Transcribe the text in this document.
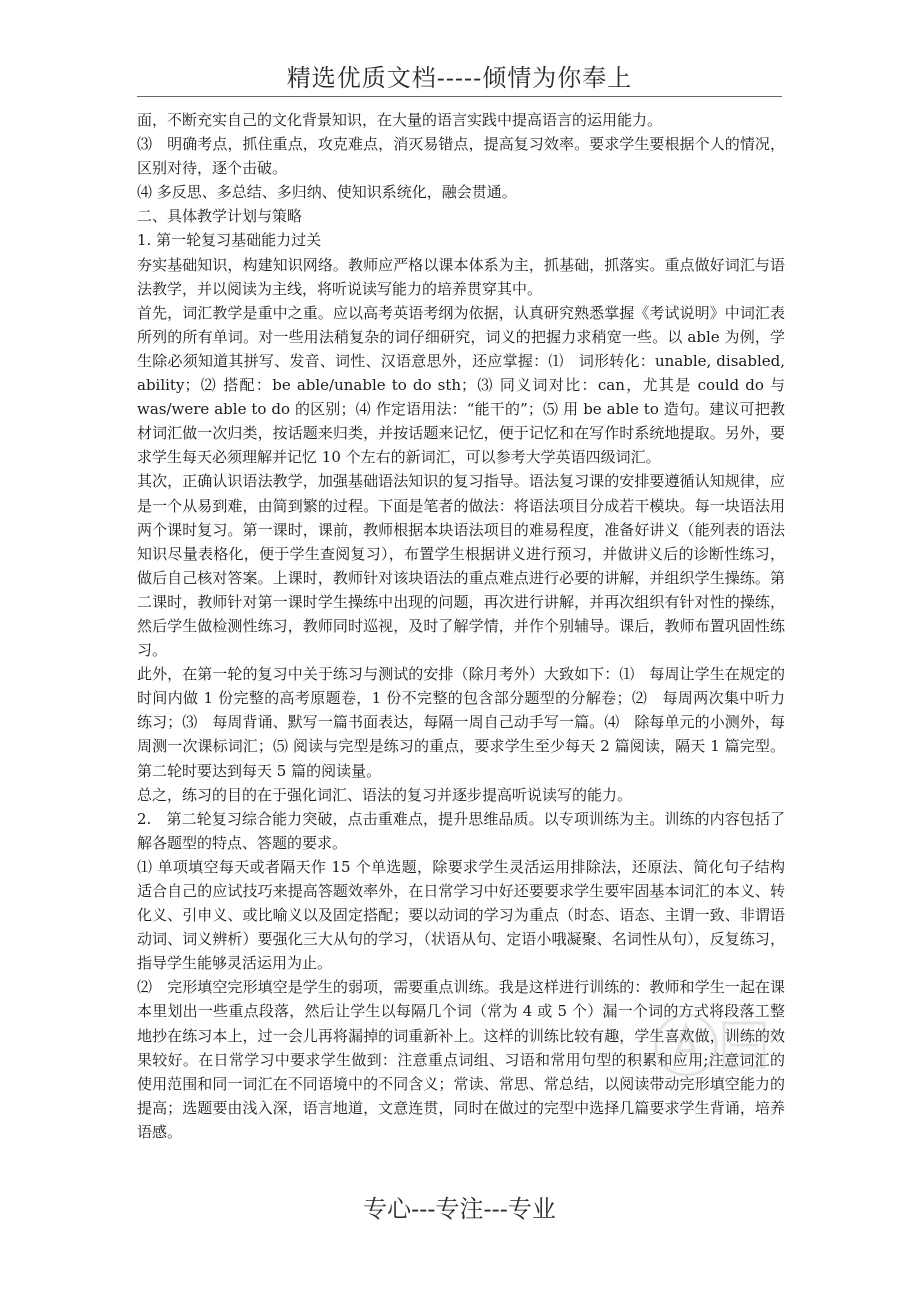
精选优质文档-----倾情为你奉上

面，不断充实自己的文化背景知识，在大量的语言实践中提高语言的运用能力。

⑶　明确考点，抓住重点，攻克难点，消灭易错点，提高复习效率。要求学生要根据个人的情况，区别对待，逐个击破。

⑷ 多反思、多总结、多归纳、使知识系统化，融会贯通。

二、具体教学计划与策略

1. 第一轮复习基础能力过关

夯实基础知识，构建知识网络。教师应严格以课本体系为主，抓基础，抓落实。重点做好词汇与语法教学，并以阅读为主线，将听说读写能力的培养贯穿其中。

首先，词汇教学是重中之重。应以高考英语考纲为依据，认真研究熟悉掌握《考试说明》中词汇表所列的所有单词。对一些用法稍复杂的词仔细研究，词义的把握力求稍宽一些。以 able 为例，学生除必须知道其拼写、发音、词性、汉语意思外，还应掌握：⑴　词形转化：unable, disabled, ability；⑵ 搭配：be able/unable to do sth；⑶ 同义词对比：can，尤其是 could do 与 was/were able to do 的区别；⑷ 作定语用法：“能干的”；⑸ 用 be able to 造句。建议可把教材词汇做一次归类，按话题来归类，并按话题来记忆，便于记忆和在写作时系统地提取。另外，要求学生每天必须理解并记忆 10 个左右的新词汇，可以参考大学英语四级词汇。

其次，正确认识语法教学，加强基础语法知识的复习指导。语法复习课的安排要遵循认知规律，应是一个从易到难，由简到繁的过程。下面是笔者的做法：将语法项目分成若干模块。每一块语法用两个课时复习。第一课时，课前，教师根据本块语法项目的难易程度，准备好讲义（能列表的语法知识尽量表格化，便于学生查阅复习），布置学生根据讲义进行预习，并做讲义后的诊断性练习，做后自己核对答案。上课时，教师针对该块语法的重点难点进行必要的讲解，并组织学生操练。第二课时，教师针对第一课时学生操练中出现的问题，再次进行讲解，并再次组织有针对性的操练，然后学生做检测性练习，教师同时巡视，及时了解学情，并作个别辅导。课后，教师布置巩固性练习。

此外，在第一轮的复习中关于练习与测试的安排（除月考外）大致如下：⑴　每周让学生在规定的时间内做 1 份完整的高考原题卷，1 份不完整的包含部分题型的分解卷；⑵　每周两次集中听力练习；⑶　每周背诵、默写一篇书面表达，每隔一周自己动手写一篇。⑷　除每单元的小测外，每周测一次课标词汇；⑸ 阅读与完型是练习的重点，要求学生至少每天 2 篇阅读，隔天 1 篇完型。第二轮时要达到每天 5 篇的阅读量。

总之，练习的目的在于强化词汇、语法的复习并逐步提高听说读写的能力。

2.　第二轮复习综合能力突破，点击重难点，提升思维品质。以专项训练为主。训练的内容包括了解各题型的特点、答题的要求。

⑴ 单项填空每天或者隔天作 15 个单选题，除要求学生灵活运用排除法，还原法、简化句子结构适合自己的应试技巧来提高答题效率外，在日常学习中好还要要求学生要牢固基本词汇的本义、转化义、引申义、或比喻义以及固定搭配；要以动词的学习为重点（时态、语态、主谓一致、非谓语动词、词义辨析）要强化三大从句的学习，（状语从句、定语小哦凝聚、名词性从句），反复练习，指导学生能够灵活运用为止。

⑵　完形填空完形填空是学生的弱项，需要重点训练。我是这样进行训练的：教师和学生一起在课本里划出一些重点段落，然后让学生以每隔几个词（常为 4 或 5 个）漏一个词的方式将段落工整地抄在练习本上，过一会儿再将漏掉的词重新补上。这样的训练比较有趣，学生喜欢做，训练的效果较好。在日常学习中要求学生做到：注意重点词组、习语和常用句型的积累和应用;注意词汇的使用范围和同一词汇在不同语境中的不同含义；常读、常思、常总结，以阅读带动完形填空能力的提高；选题要由浅入深，语言地道，文意连贯，同时在做过的完型中选择几篇要求学生背诵，培养语感。

专心---专注---专业
